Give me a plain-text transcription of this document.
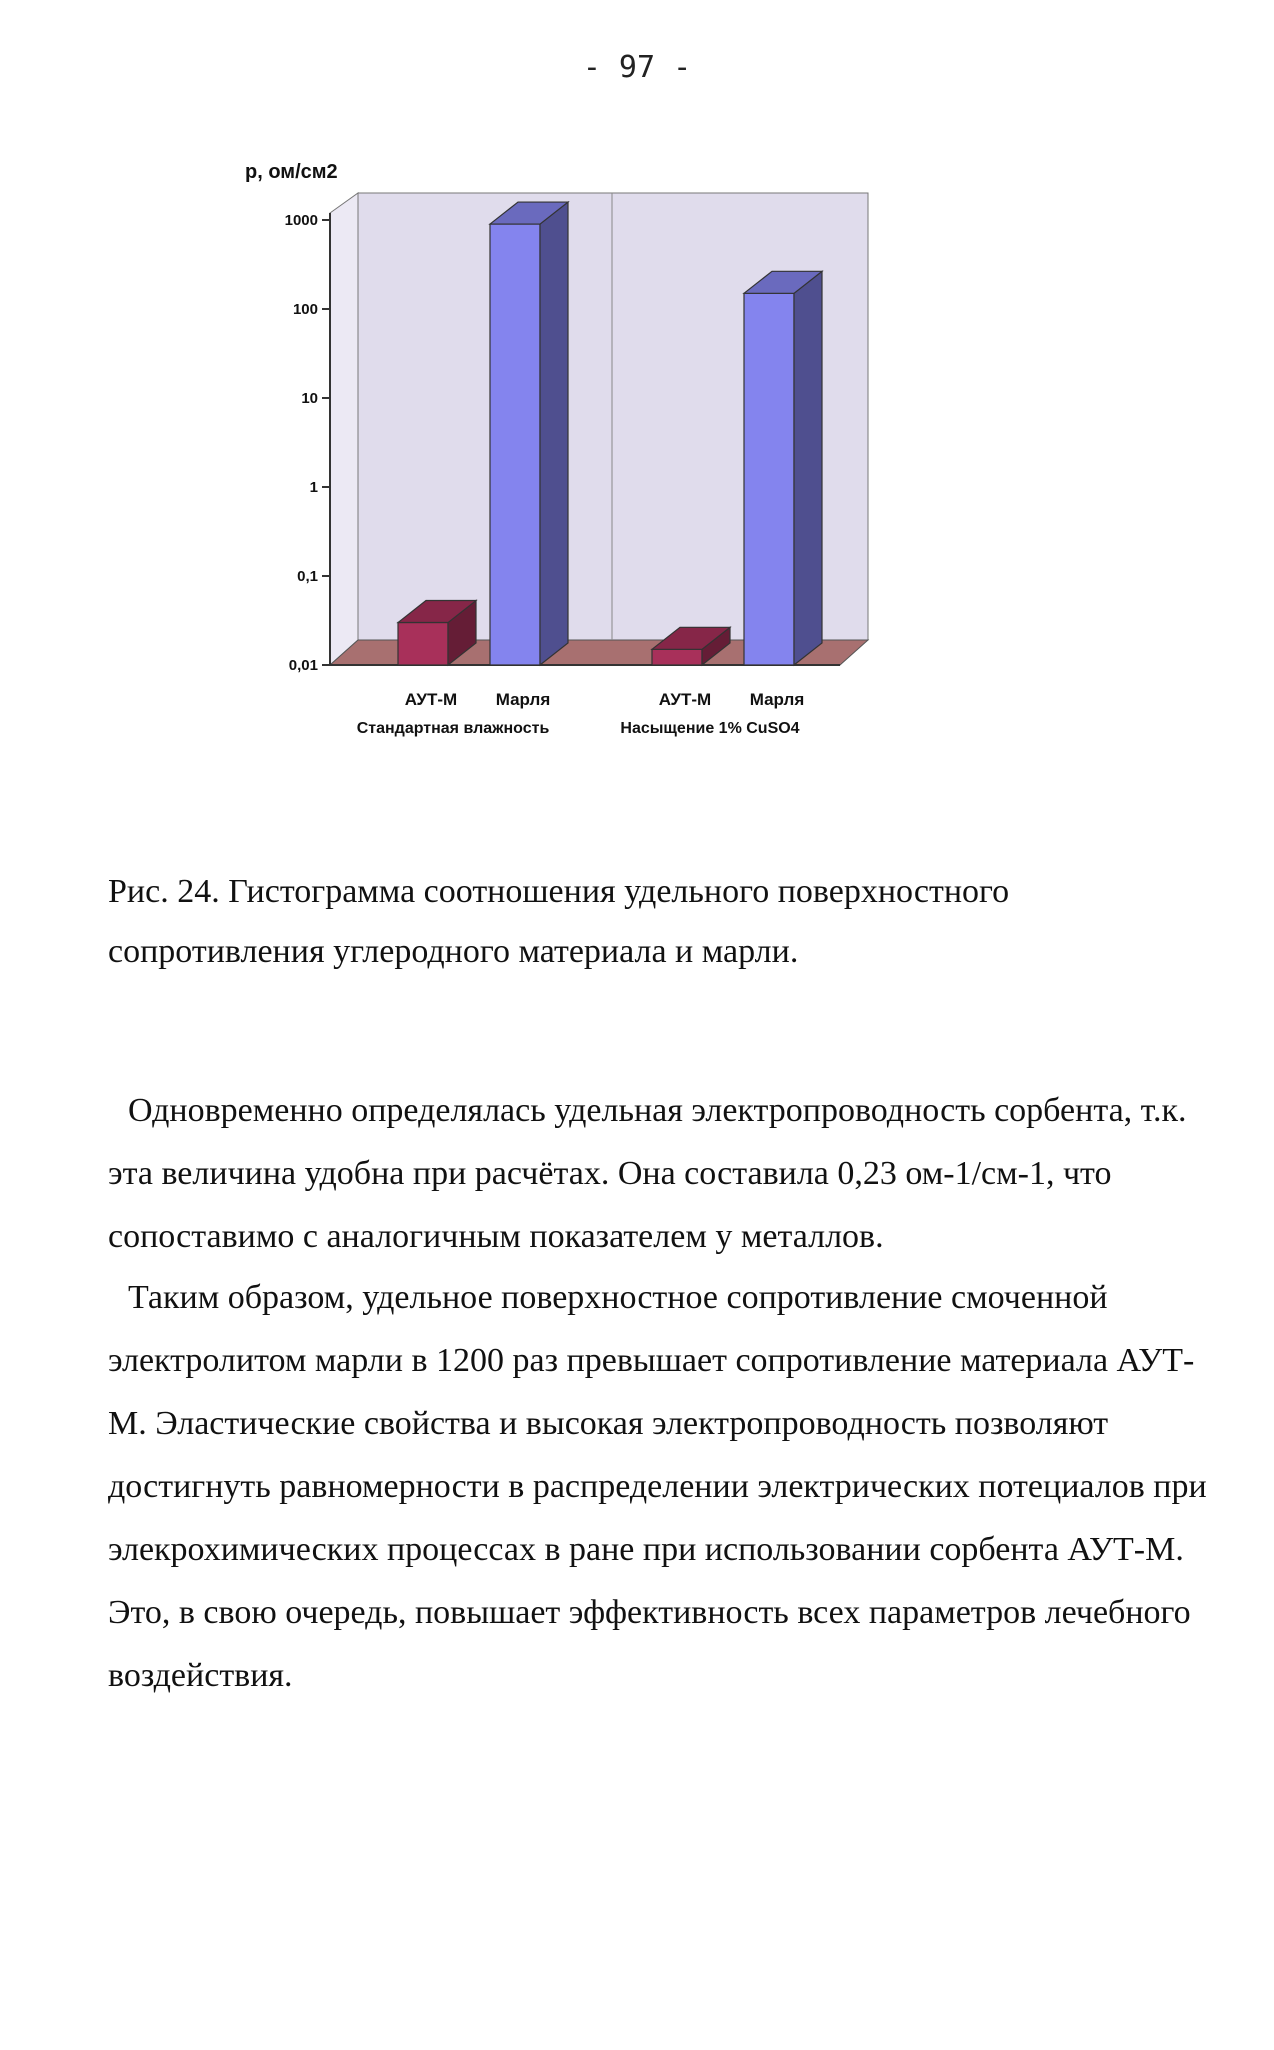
- 97 -
1000
100
10
1
0,1
0,01
p, ом/см2
АУТ-М Марля	АУТ-М Марля
Стандартная влажность	Насыщение 1% CuSO4
Рис. 24. Гистограмма соотношения удельного поверхностного сопротивления углеродного материала и марли.

Одновременно определялась удельная электропроводность сорбента, т.к. эта величина удобна при расчётах. Она составила 0,23 ом-1/см-1, что сопоставимо с аналогичным показателем у металлов.

Таким образом, удельное поверхностное сопротивление смоченной электролитом марли в 1200 раз превышает сопротивление материала АУТ-М. Эластические свойства и высокая электропроводность позволяют достигнуть равномерности в распределении электрических потециалов при элекрохимических процессах в ране при использовании сорбента АУТ-М. Это, в свою очередь, повышает эффективность всех параметров лечебного воздействия.
